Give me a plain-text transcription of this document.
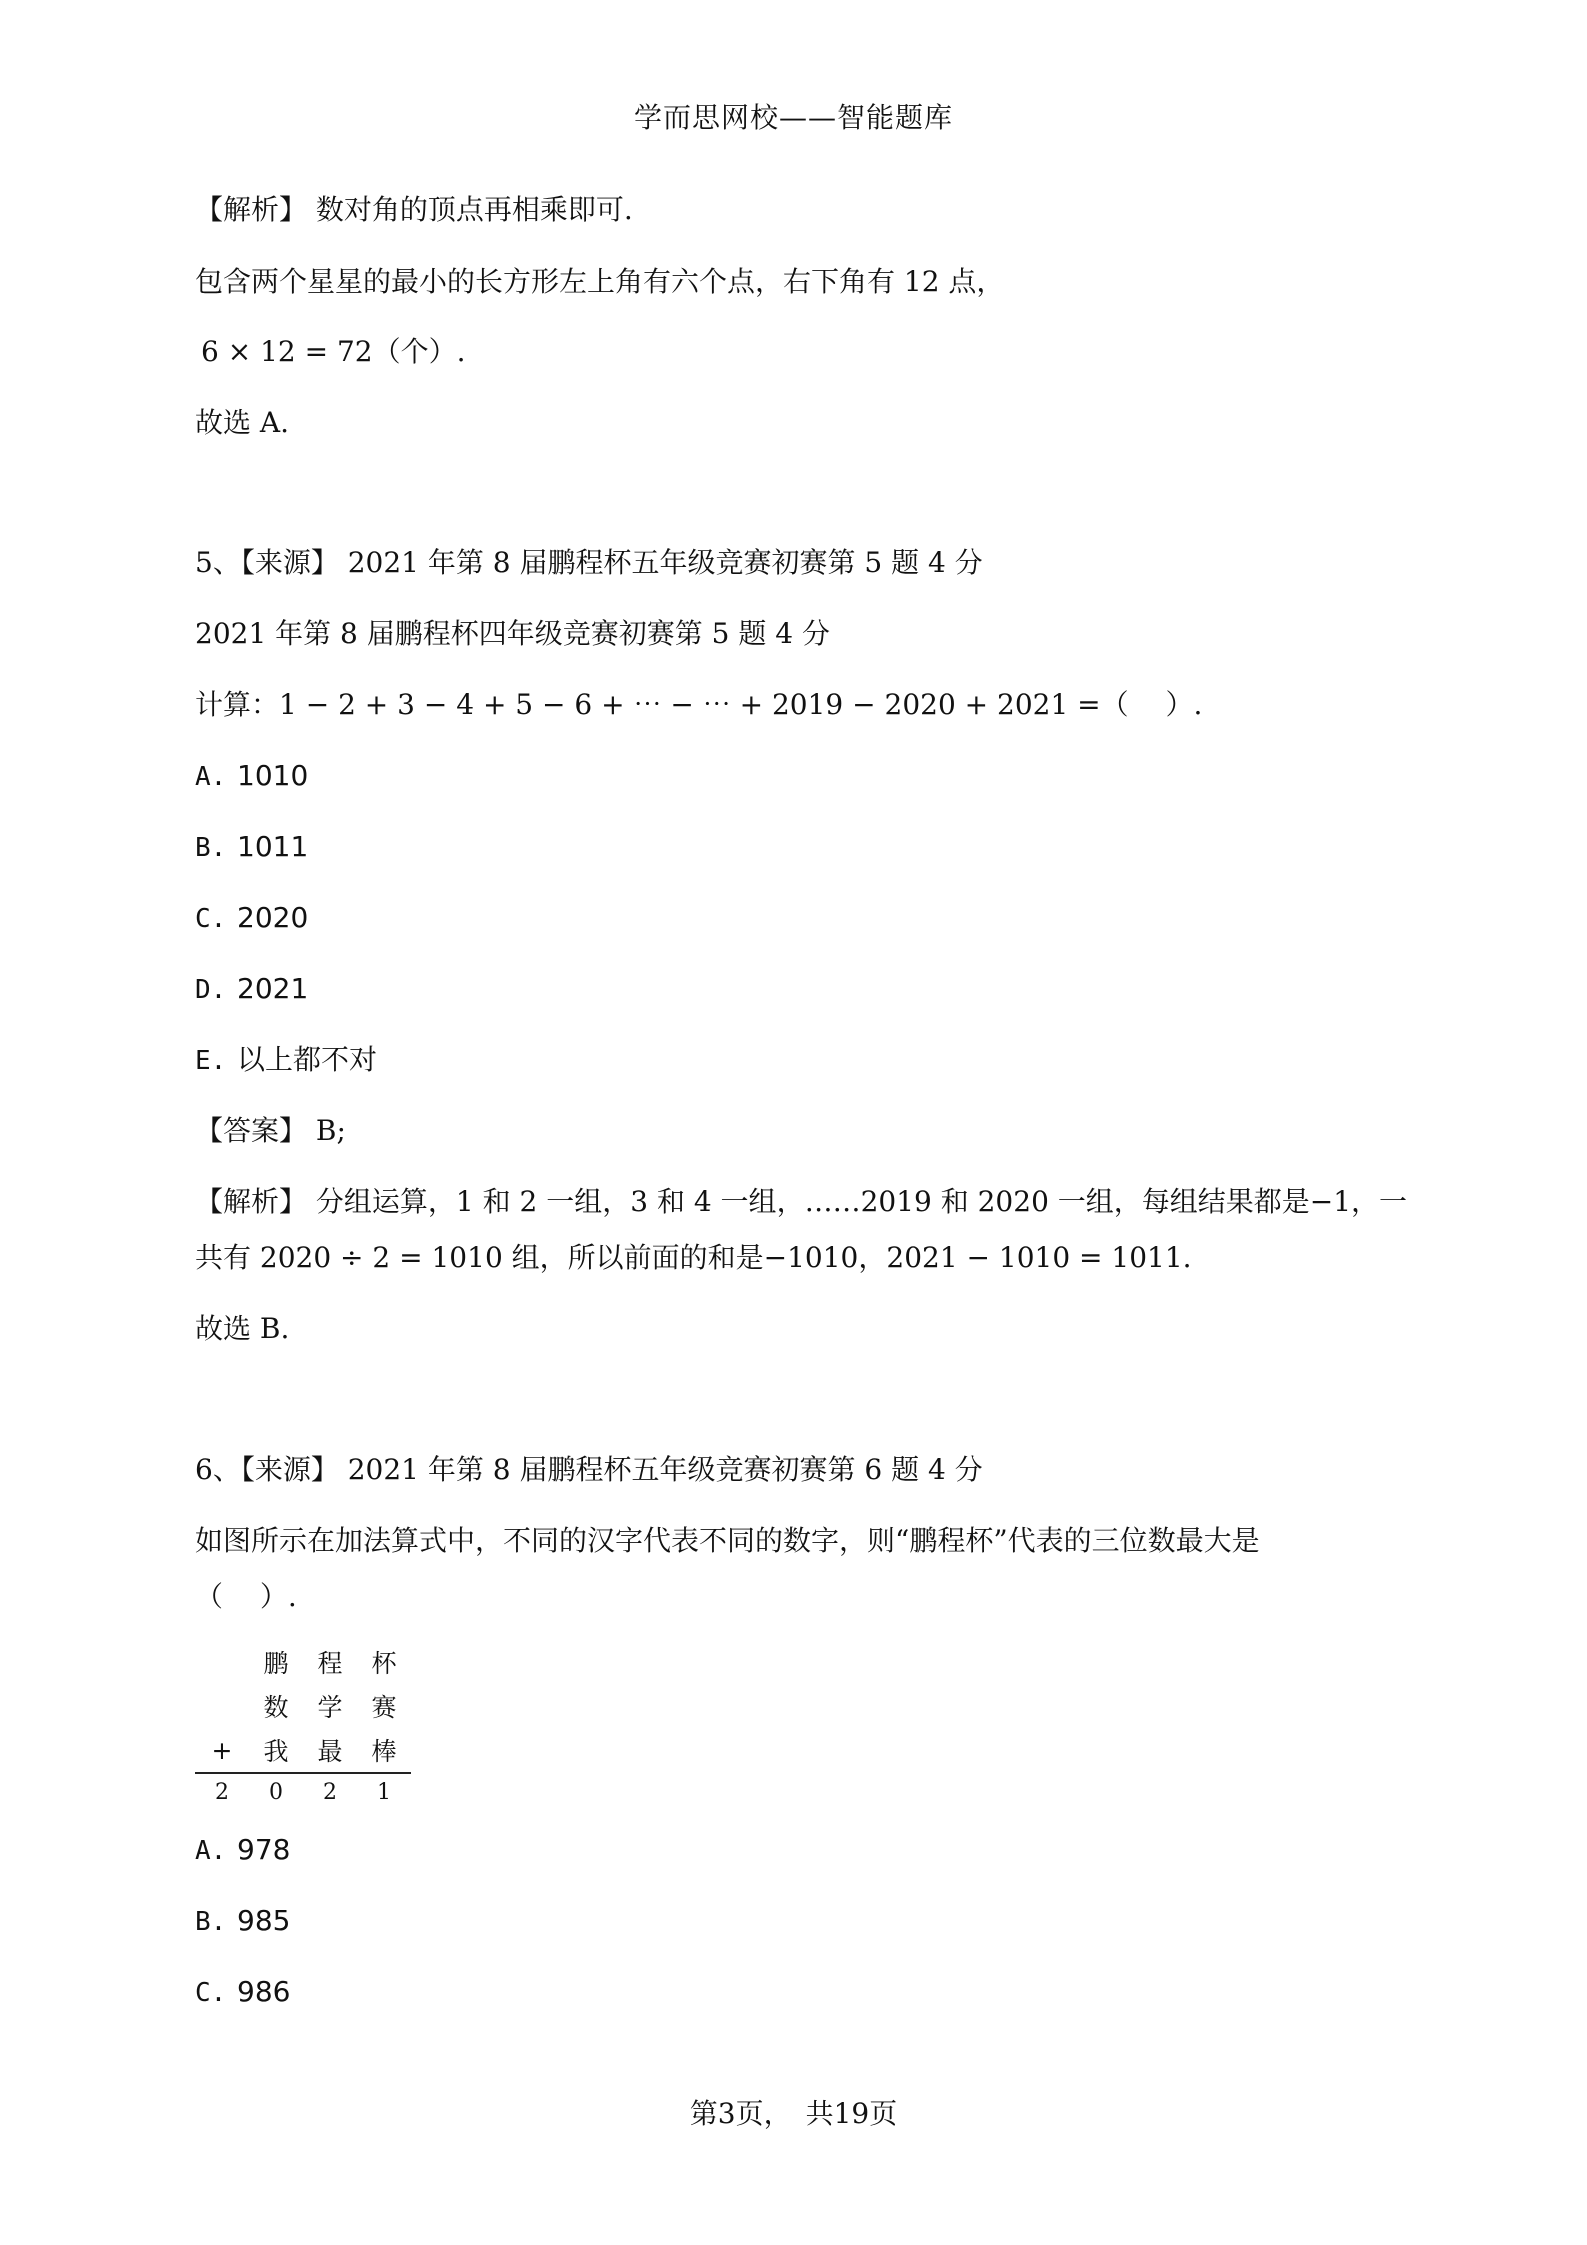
学而思网校——智能题库
【解析】 数对角的顶点再相乘即可.
包含两个星星的最小的长方形左上角有六个点，右下角有 12 点，
6 × 12 = 72（个）.
故选 A.
5、【来源】 2021 年第 8 届鹏程杯五年级竞赛初赛第 5 题 4 分
2021 年第 8 届鹏程杯四年级竞赛初赛第 5 题 4 分
计算：1 − 2 + 3 − 4 + 5 − 6 + ⋯ − ⋯ + 2019 − 2020 + 2021 =（　 ）.
A. 1010
B. 1011
C. 2020
D. 2021
E. 以上都不对
【答案】 B;
【解析】 分组运算，1 和 2 一组，3 和 4 一组，……2019 和 2020 一组，每组结果都是−1，一
共有 2020 ÷ 2 = 1010 组，所以前面的和是−1010，2021 − 1010 = 1011.
故选 B.
6、【来源】 2021 年第 8 届鹏程杯五年级竞赛初赛第 6 题 4 分
如图所示在加法算式中，不同的汉字代表不同的数字，则“鹏程杯”代表的三位数最大是
（　 ）.
A. 978
B. 985
C. 986
	鹏	程	杯
	数	学	赛
+	我	最	棒
2	0	2	1
第3页，　共19页
